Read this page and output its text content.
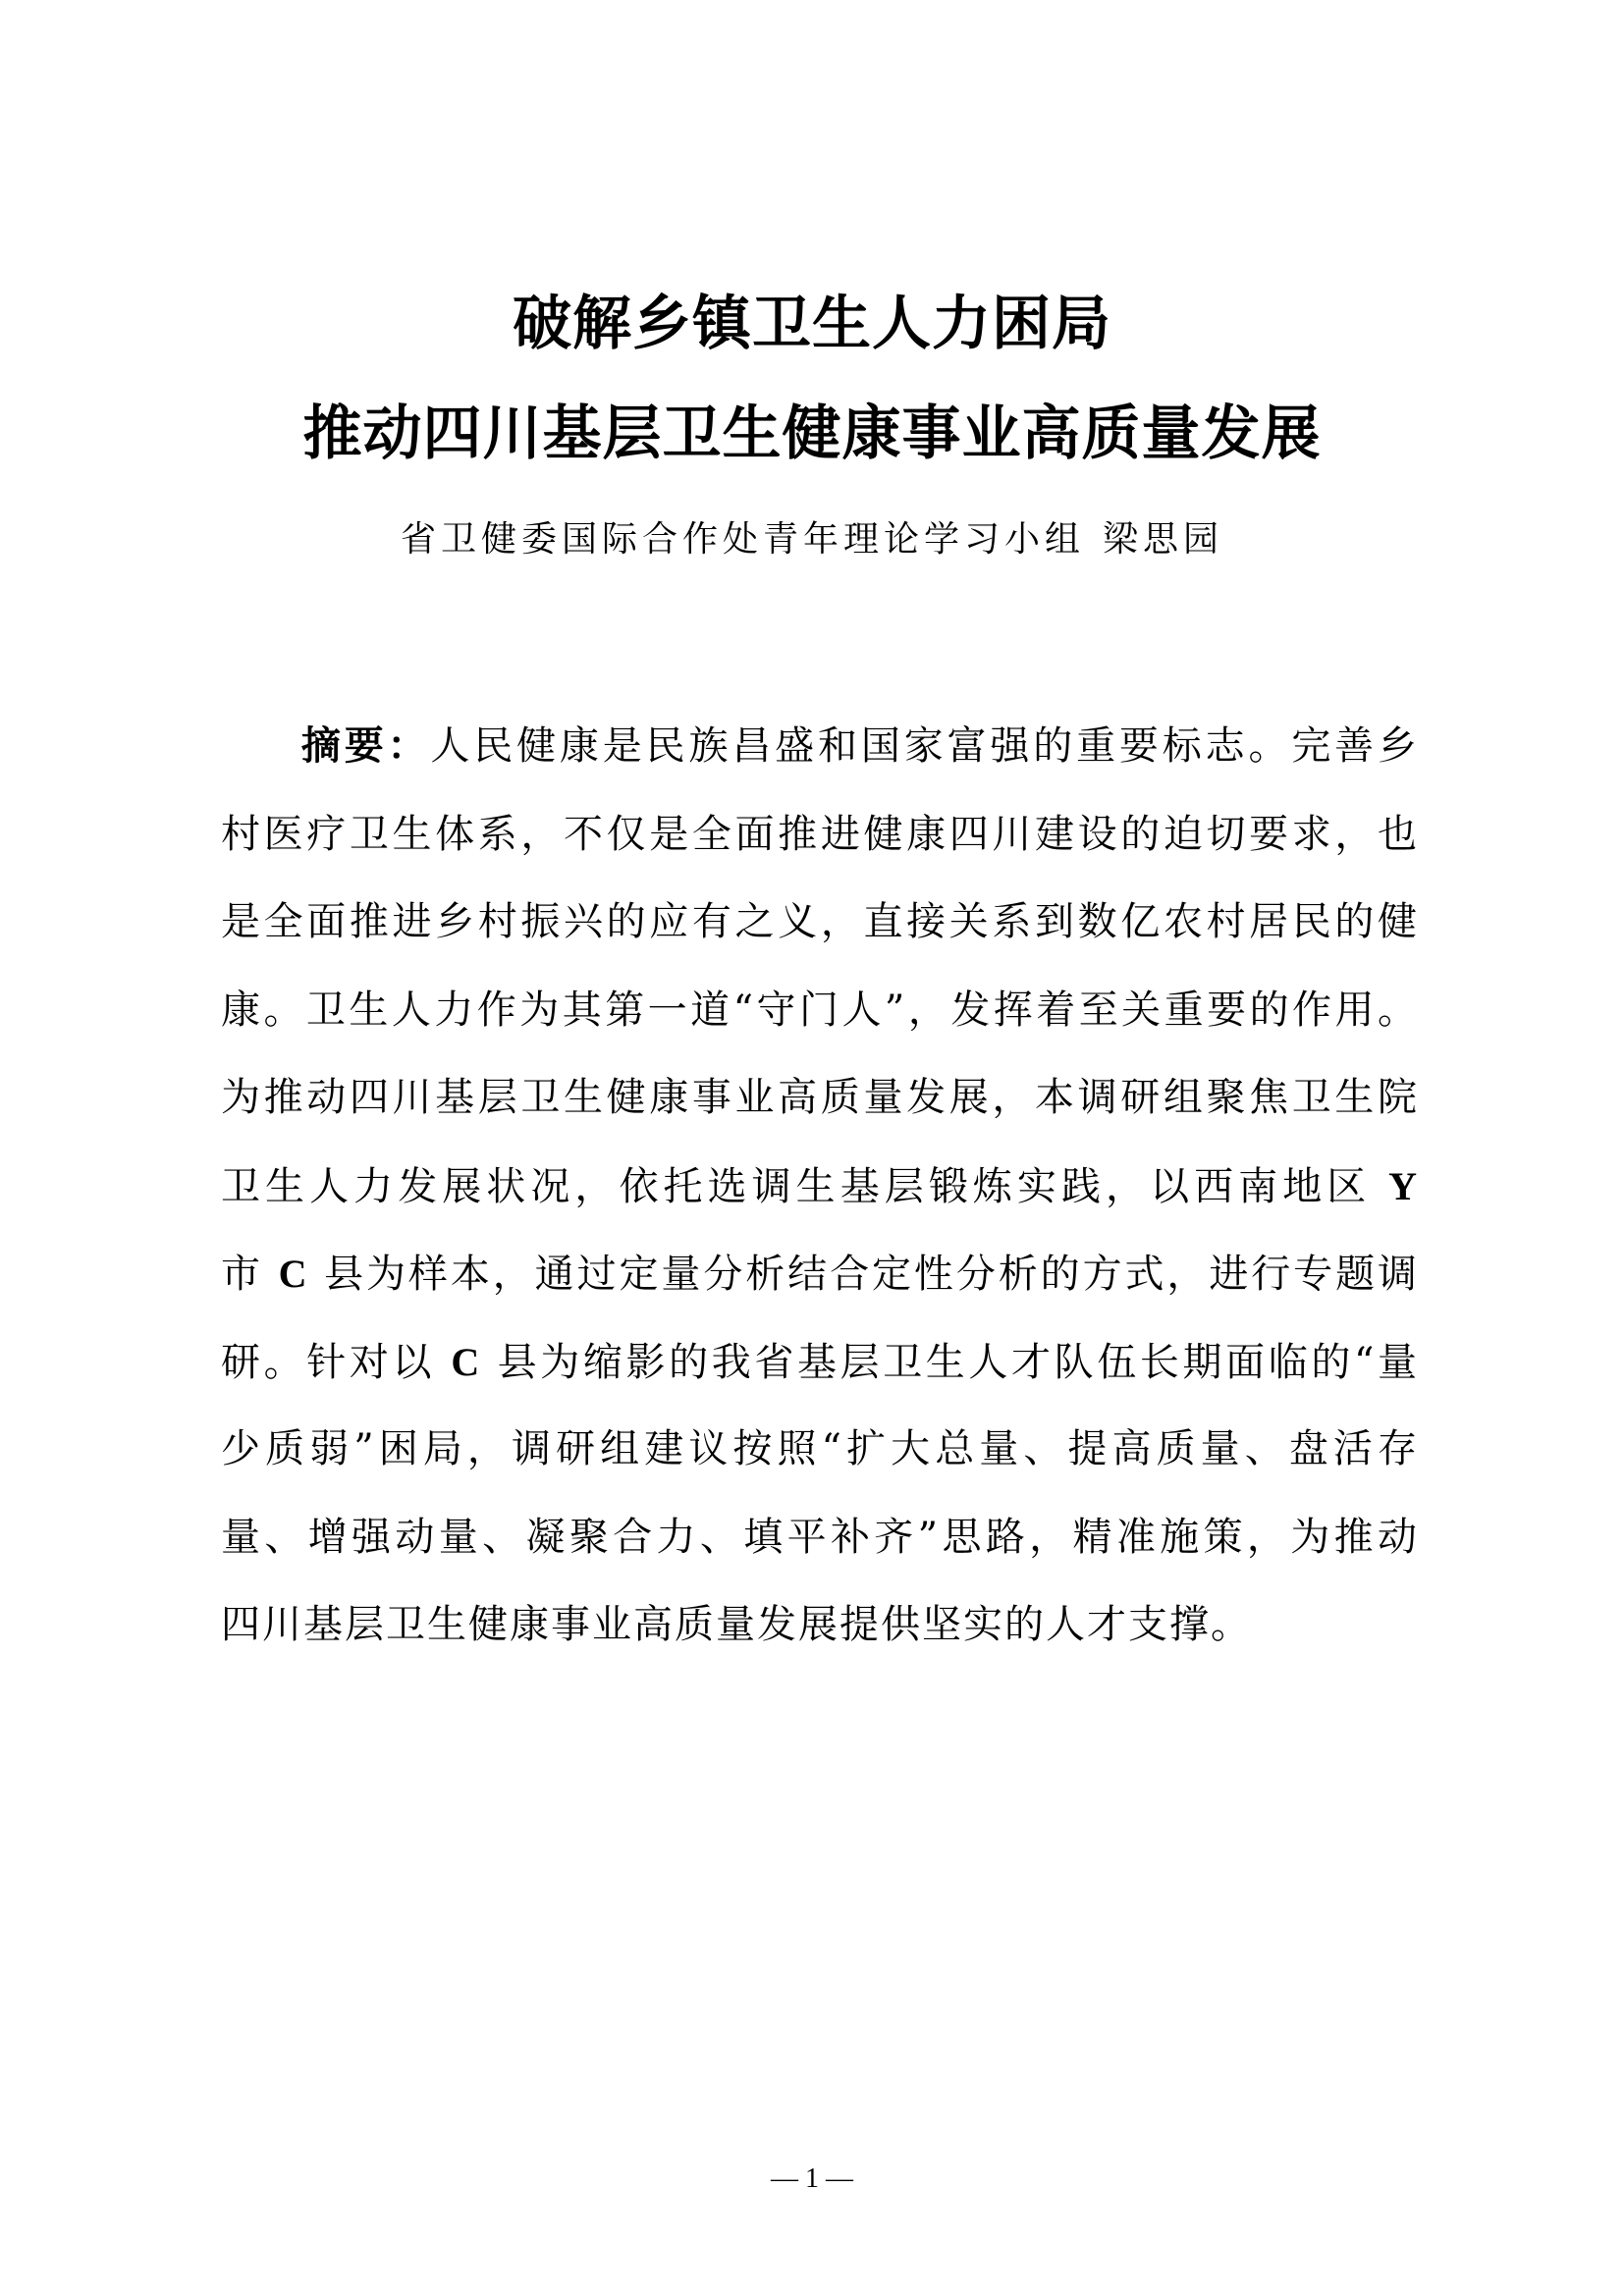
破解乡镇卫生人力困局
推动四川基层卫生健康事业高质量发展
省卫健委国际合作处青年理论学习小组 梁思园
摘要：人民健康是民族昌盛和国家富强的重要标志。完善乡
村医疗卫生体系，不仅是全面推进健康四川建设的迫切要求，也
是全面推进乡村振兴的应有之义，直接关系到数亿农村居民的健
康。卫生人力作为其第一道“守门人”，发挥着至关重要的作用。
为推动四川基层卫生健康事业高质量发展，本调研组聚焦卫生院
卫生人力发展状况，依托选调生基层锻炼实践，以西南地区 Y
市 C 县为样本，通过定量分析结合定性分析的方式，进行专题调
研。针对以 C 县为缩影的我省基层卫生人才队伍长期面临的“量
少质弱”困局，调研组建议按照“扩大总量、提高质量、盘活存
量、增强动量、凝聚合力、填平补齐”思路，精准施策，为推动
四川基层卫生健康事业高质量发展提供坚实的人才支撑。
— 1 —
